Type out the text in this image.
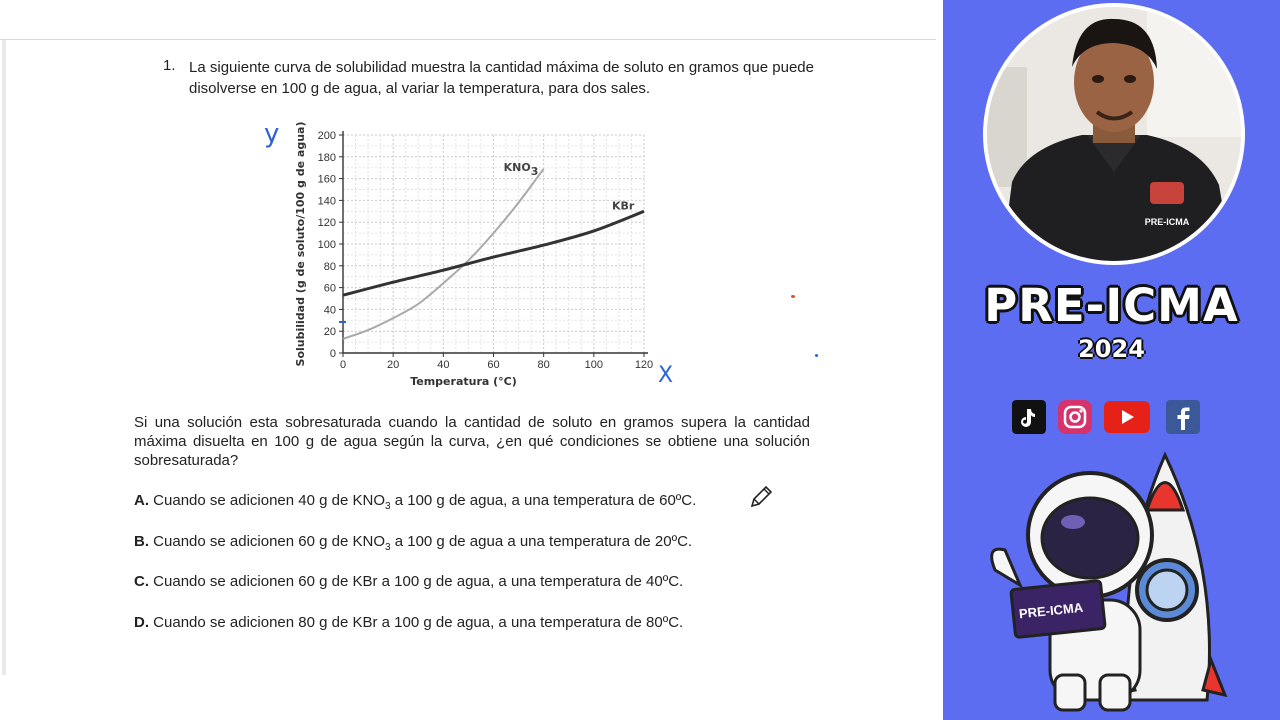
1. La siguiente curva de solubilidad muestra la cantidad máxima de soluto en gramos que puede disolverse en 100 g de agua, al variar la temperatura, para dos sales.
0
20
40
60
80
100
120
140
160
180
200
0	20	40	60	80	100	120
Temperatura (°C)
Solubilidad (g de soluto/100 g de agua)	KNO3
KBr
y
X
Si una solución esta sobresaturada cuando la cantidad de soluto en gramos supera la cantidad máxima disuelta en 100 g de agua según la curva, ¿en qué condiciones se obtiene una solución sobresaturada?
A. Cuando se adicionen 40 g de $KNO_3$ a 100 g de agua, a una temperatura de 60ºC.
B. Cuando se adicionen 60 g de $KNO_3$ a 100 g de agua a una temperatura de 20ºC.
C. Cuando se adicionen 60 g de KBr a 100 g de agua, a una temperatura de 40ºC.
D. Cuando se adicionen 80 g de KBr a 100 g de agua, a una temperatura de 80ºC.
PRE-ICMA
PRE-ICMA
2024
PRE-ICMA
